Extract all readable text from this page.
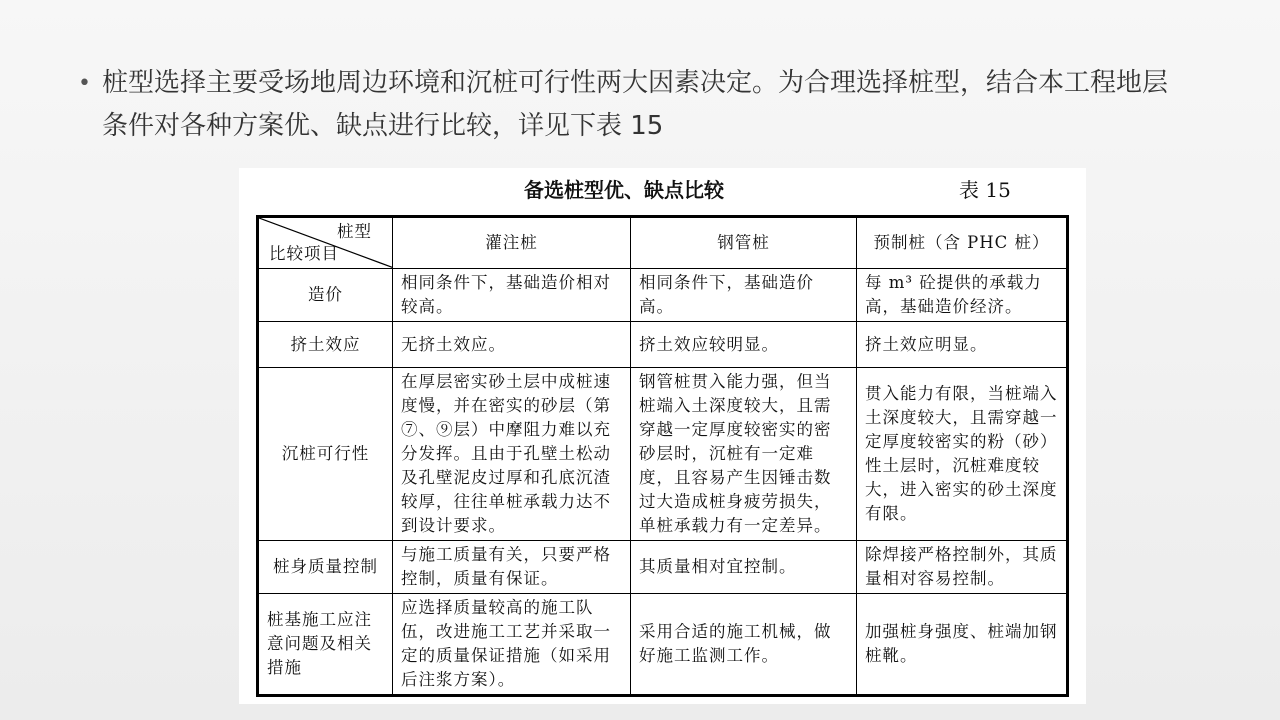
• 桩型选择主要受场地周边环境和沉桩可行性两大因素决定。为合理选择桩型，结合本工程地层
条件对各种方案优、缺点进行比较，详见下表 15
备选桩型优、缺点比较	表 15
桩型
比较项目	灌注桩	钢管桩	预制桩（含 PHC 桩）
造价	相同条件下，基础造价相对较高。	相同条件下，基础造价高。	每 m³ 砼提供的承载力高，基础造价经济。
挤土效应	无挤土效应。	挤土效应较明显。	挤土效应明显。
沉桩可行性	在厚层密实砂土层中成桩速度慢，并在密实的砂层（第⑦、⑨层）中摩阻力难以充分发挥。且由于孔壁土松动及孔壁泥皮过厚和孔底沉渣较厚，往往单桩承载力达不到设计要求。	钢管桩贯入能力强，但当桩端入土深度较大，且需穿越一定厚度较密实的密砂层时，沉桩有一定难度，且容易产生因锤击数过大造成桩身疲劳损失，单桩承载力有一定差异。	贯入能力有限，当桩端入土深度较大，且需穿越一定厚度较密实的粉（砂）性土层时，沉桩难度较大，进入密实的砂土深度有限。
桩身质量控制	与施工质量有关，只要严格控制，质量有保证。	其质量相对宜控制。	除焊接严格控制外，其质量相对容易控制。
桩基施工应注意问题及相关措施	应选择质量较高的施工队伍，改进施工工艺并采取一定的质量保证措施（如采用后注浆方案）。	采用合适的施工机械，做好施工监测工作。	加强桩身强度、桩端加钢桩靴。
